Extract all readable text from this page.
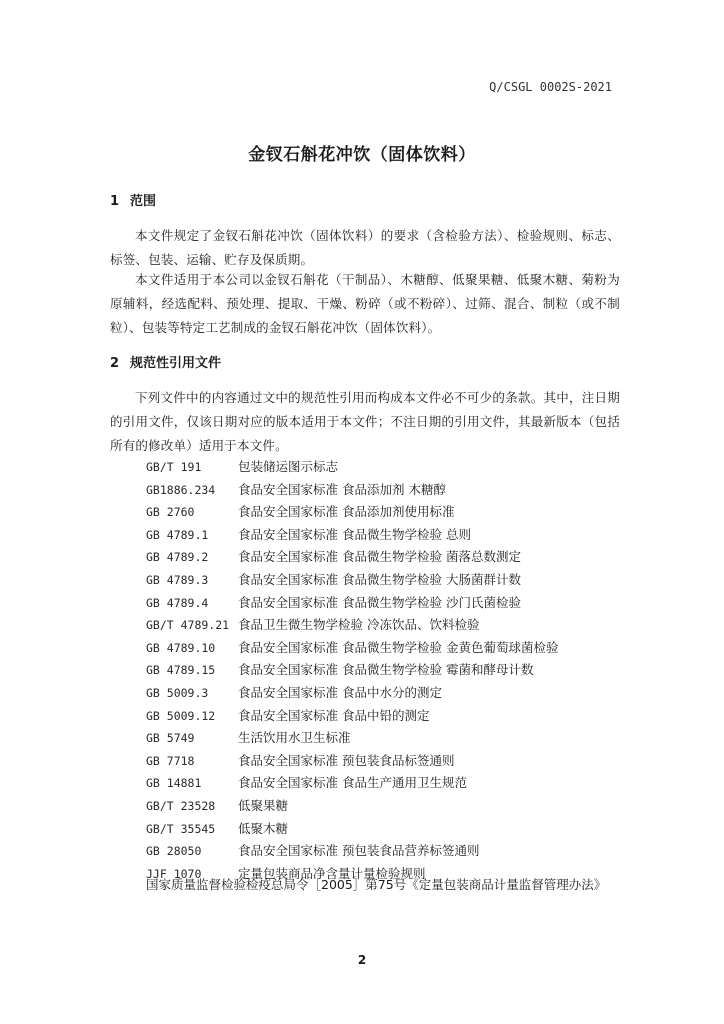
Q/CSGL 0002S-2021
金钗石斛花冲饮（固体饮料）
1 范围
本文件规定了金钗石斛花冲饮（固体饮料）的要求（含检验方法）、检验规则、标志、标签、包装、运输、贮存及保质期。
本文件适用于本公司以金钗石斛花（干制品）、木糖醇、低聚果糖、低聚木糖、菊粉为原辅料，经选配料、预处理、提取、干燥、粉碎（或不粉碎）、过筛、混合、制粒（或不制粒）、包装等特定工艺制成的金钗石斛花冲饮（固体饮料）。
2 规范性引用文件
下列文件中的内容通过文中的规范性引用而构成本文件必不可少的条款。其中，注日期的引用文件，仅该日期对应的版本适用于本文件；不注日期的引用文件，其最新版本（包括所有的修改单）适用于本文件。
GB/T 191	包装储运图示标志
GB1886.234 食品安全国家标准 食品添加剂 木糖醇
GB 2760	食品安全国家标准 食品添加剂使用标准
GB 4789.1 食品安全国家标准 食品微生物学检验 总则
GB 4789.2 食品安全国家标准 食品微生物学检验 菌落总数测定
GB 4789.3 食品安全国家标准 食品微生物学检验 大肠菌群计数
GB 4789.4 食品安全国家标准 食品微生物学检验 沙门氏菌检验
GB/T 4789.21 食品卫生微生物学检验 冷冻饮品、饮料检验
GB 4789.10 食品安全国家标准 食品微生物学检验 金黄色葡萄球菌检验
GB 4789.15 食品安全国家标准 食品微生物学检验 霉菌和酵母计数
GB 5009.3 食品安全国家标准 食品中水分的测定
GB 5009.12 食品安全国家标准 食品中铅的测定
GB 5749	生活饮用水卫生标准
GB 7718	食品安全国家标准 预包装食品标签通则
GB 14881	食品安全国家标准 食品生产通用卫生规范
GB/T 23528 低聚果糖
GB/T 35545 低聚木糖
GB 28050	食品安全国家标准 预包装食品营养标签通则
JJF 1070	定量包装商品净含量计量检验规则
国家质量监督检验检疫总局令［2005］第75号《定量包装商品计量监督管理办法》
2
